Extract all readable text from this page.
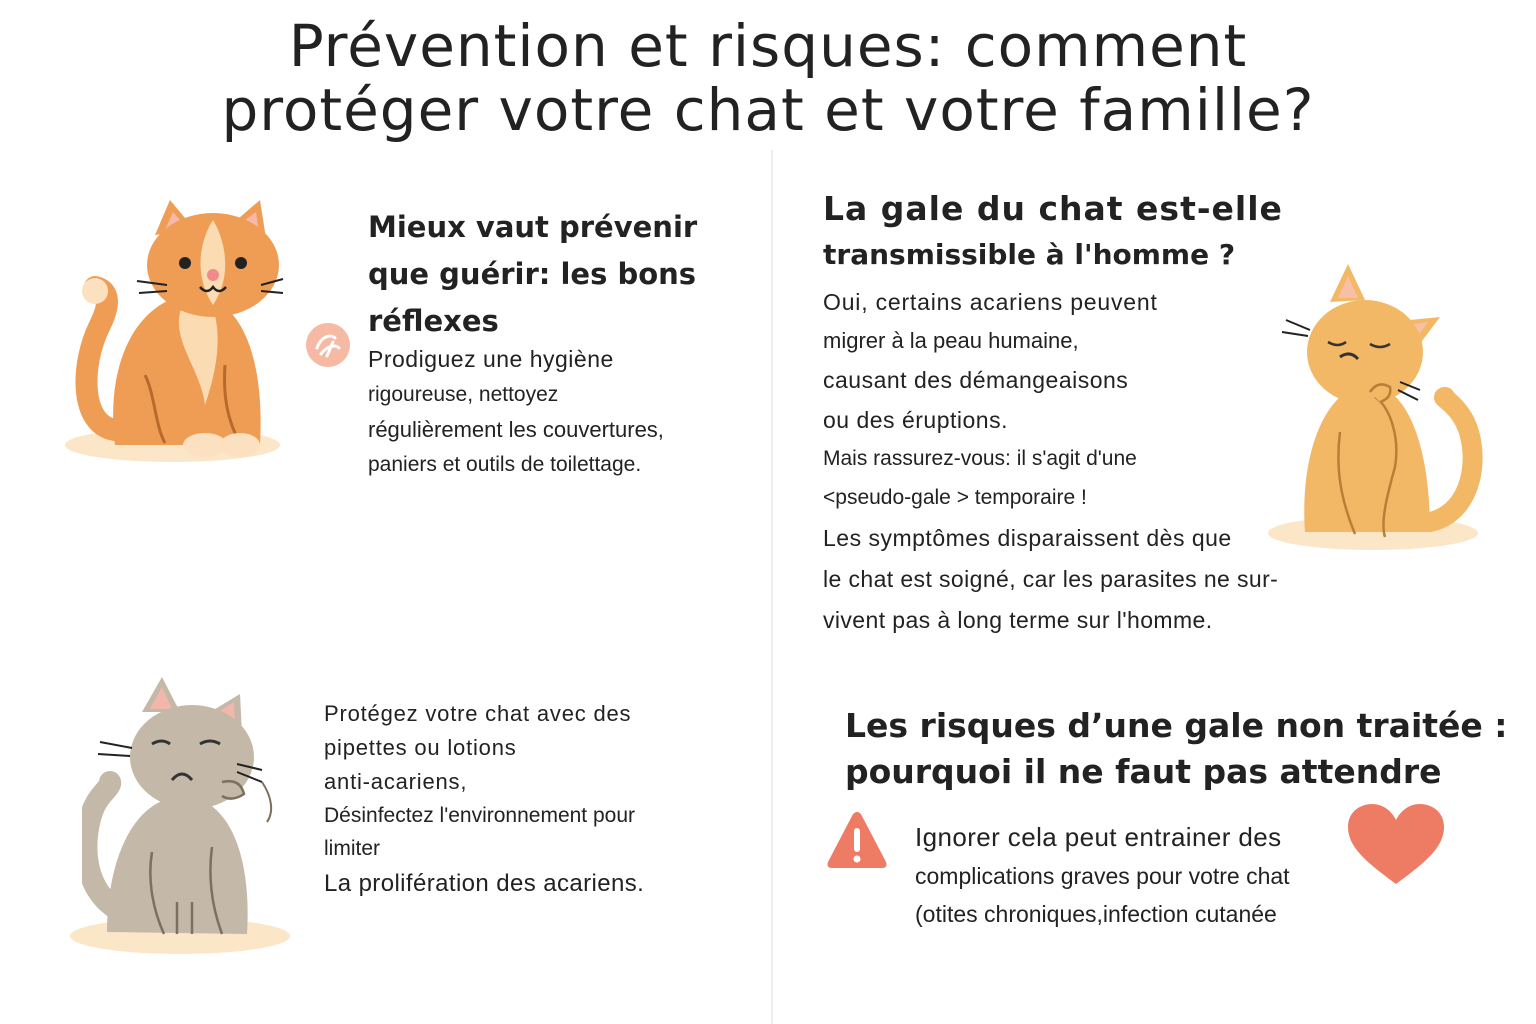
Prévention et risques: comment
protéger votre chat et votre famille?
Mieux vaut prévenir
que guérir: les bons
réflexes
Prodiguez une hygiène
rigoureuse, nettoyez
régulièrement les couvertures,
paniers et outils de toilettage.
La gale du chat est-elle
transmissible à l'homme ?
Oui, certains acariens peuvent
migrer à la peau humaine,
causant des démangeaisons
ou des éruptions.
Mais rassurez-vous: il s'agit d'une
<pseudo-gale > temporaire !
Les symptômes disparaissent dès que
le chat est soigné, car les parasites ne sur-
vivent pas à long terme sur l'homme.
Protégez votre chat avec des
pipettes ou lotions
anti-acariens,
Désinfectez l'environnement pour
limiter
La prolifération des acariens.
Les risques d’une gale non traitée :
pourquoi il ne faut pas attendre
Ignorer cela peut entrainer des
complications graves pour votre chat
(otites chroniques,infection cutanée
